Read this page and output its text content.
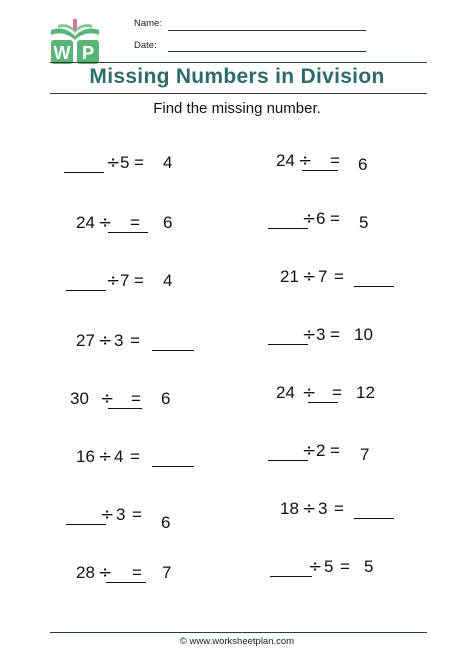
W P
Name:
Date:
Missing Numbers in Division
Find the missing number.
÷ 5 = 4
24 ÷ = 6
÷ 7 = 4
27 ÷ 3 =
30 ÷ = 6
16 ÷ 4 =
÷ 3 = 6
28 ÷ = 7
24 ÷ = 6
÷ 6 = 5
21 ÷ 7 =
÷ 3 = 10
24 ÷ = 12
÷ 2 = 7
18 ÷ 3 =
÷ 5 = 5
© www.worksheetplan.com
